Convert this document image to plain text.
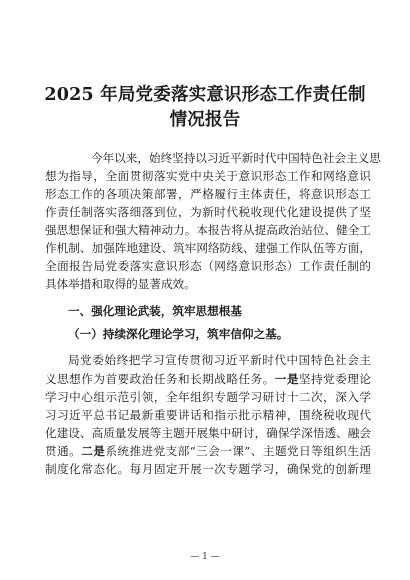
2025 年局党委落实意识形态工作责任制
情况报告
今年以来，始终坚持以习近平新时代中国特色社会主义思
想为指导，全面贯彻落实党中央关于意识形态工作和网络意识
形态工作的各项决策部署，严格履行主体责任，将意识形态工
作责任制落实落细落到位，为新时代税收现代化建设提供了坚
强思想保证和强大精神动力。本报告将从提高政治站位、健全工
作机制、加强阵地建设、筑牢网络防线、建强工作队伍等方面，
全面报告局党委落实意识形态（网络意识形态）工作责任制的
具体举措和取得的显著成效。
一、强化理论武装，筑牢思想根基
（一）持续深化理论学习，筑牢信仰之基。
局党委始终把学习宣传贯彻习近平新时代中国特色社会主
义思想作为首要政治任务和长期战略任务。一是坚持党委理论
学习中心组示范引领，全年组织专题学习研讨十二次，深入学
习习近平总书记最新重要讲话和指示批示精神，围绕税收现代
化建设、高质量发展等主题开展集中研讨，确保学深悟透、融会
贯通。二是系统推进党支部“三会一课”、主题党日等组织生活
制度化常态化。每月固定开展一次专题学习，确保党的创新理
— 1 —
